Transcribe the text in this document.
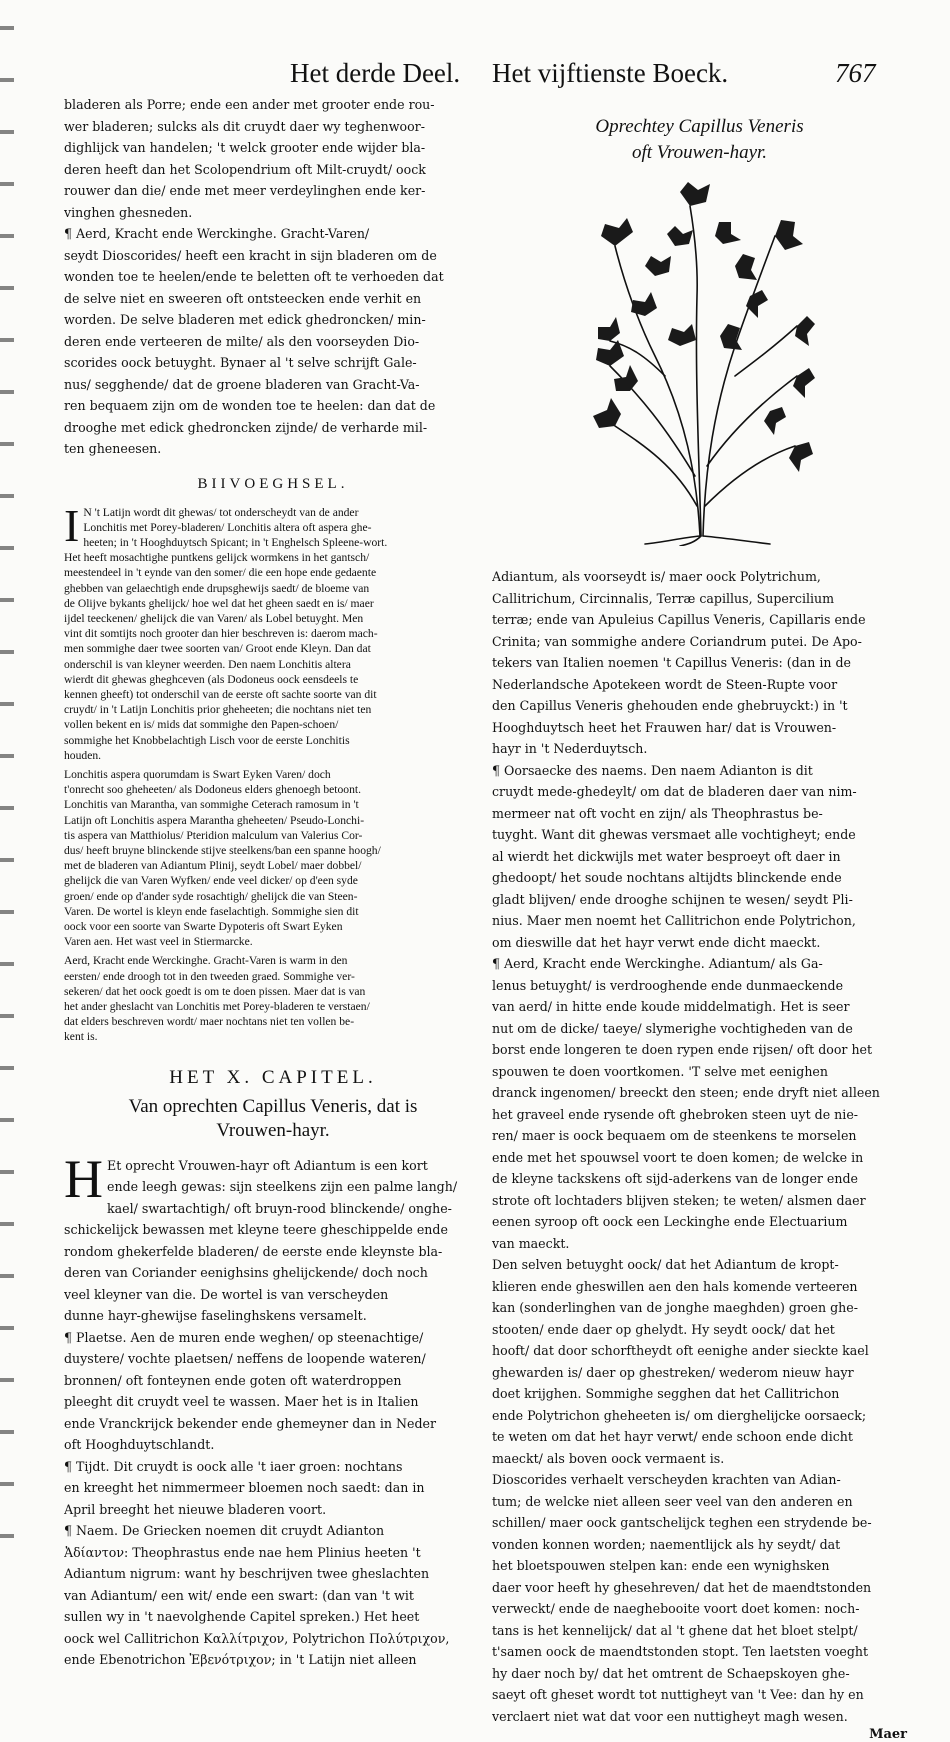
Het derde Deel. Het vijftienste Boeck.	767
bladeren als Porre; ende een ander met grooter ende rou-
wer bladeren; sulcks als dit cruydt daer wy teghenwoor-
dighlijck van handelen; 't welck grooter ende wijder bla-
deren heeft dan het Scolopendrium oft Milt-cruydt/ oock
rouwer dan die/ ende met meer verdeylinghen ende ker-
vinghen ghesneden.
¶ Aerd, Kracht ende Werckinghe. Gracht-Varen/
seydt Dioscorides/ heeft een kracht in sijn bladeren om de
wonden toe te heelen/ende te beletten oft te verhoeden dat
de selve niet en sweeren oft ontsteecken ende verhit en
worden. De selve bladeren met edick ghedroncken/ min-
deren ende verteeren de milte/ als den voorseyden Dio-
scorides oock betuyght. Bynaer al 't selve schrijft Gale-
nus/ segghende/ dat de groene bladeren van Gracht-Va-
ren bequaem zijn om de wonden toe te heelen: dan dat de
drooghe met edick ghedroncken zijnde/ de verharde mil-
ten gheneesen.
BIIVOEGHSEL.
I N 't Latijn wordt dit ghewas/ tot onderscheydt van de ander
Lonchitis met Porey-bladeren/ Lonchitis altera oft aspera ghe-
heeten; in 't Hooghduytsch Spicant; in 't Enghelsch Spleene-wort.
Het heeft mosachtighe puntkens gelijck wormkens in het gantsch/
meestendeel in 't eynde van den somer/ die een hope ende gedaente
ghebben van gelaechtigh ende drupsghewijs saedt/ de bloeme van
de Olijve bykants ghelijck/ hoe wel dat het gheen saedt en is/ maer
ijdel teeckenen/ ghelijck die van Varen/ als Lobel betuyght. Men
vint dit somtijts noch grooter dan hier beschreven is: daerom mach-
men sommighe daer twee soorten van/ Groot ende Kleyn. Dan dat
onderschil is van kleyner weerden. Den naem Lonchitis altera
wierdt dit ghewas gheghceven (als Dodoneus oock eensdeels te
kennen gheeft) tot onderschil van de eerste oft sachte soorte van dit
cruydt/ in 't Latijn Lonchitis prior gheheeten; die nochtans niet ten
vollen bekent en is/ mids dat sommighe den Papen-schoen/
sommighe het Knobbelachtigh Lisch voor de eerste Lonchitis
houden.
Lonchitis aspera quorumdam is Swart Eyken Varen/ doch
t'onrecht soo gheheeten/ als Dodoneus elders ghenoegh betoont.
Lonchitis van Marantha, van sommighe Ceterach ramosum in 't
Latijn oft Lonchitis aspera Marantha gheheeten/ Pseudo-Lonchi-
tis aspera van Matthiolus/ Pteridion malculum van Valerius Cor-
dus/ heeft bruyne blinckende stijve steelkens/ban een spanne hoogh/
met de bladeren van Adiantum Plinij, seydt Lobel/ maer dobbel/
ghelijck die van Varen Wyfken/ ende veel dicker/ op d'een syde
groen/ ende op d'ander syde rosachtigh/ ghelijck die van Steen-
Varen. De wortel is kleyn ende faselachtigh. Sommighe sien dit
oock voor een soorte van Swarte Dypoteris oft Swart Eyken
Varen aen. Het wast veel in Stiermarcke.
Aerd, Kracht ende Werckinghe. Gracht-Varen is warm in den
eersten/ ende droogh tot in den tweeden graed. Sommighe ver-
sekeren/ dat het oock goedt is om te doen pissen. Maer dat is van
het ander gheslacht van Lonchitis met Porey-bladeren te verstaen/
dat elders beschreven wordt/ maer nochtans niet ten vollen be-
kent is.
HET X. CAPITEL.
Van oprechten Capillus Veneris, dat is
Vrouwen-hayr.
H Et oprecht Vrouwen-hayr oft Adiantum is een kort
ende leegh gewas: sijn steelkens zijn een palme langh/
kael/ swartachtigh/ oft bruyn-rood blinckende/ onghe-
schickelijck bewassen met kleyne teere gheschippelde ende
rondom ghekerfelde bladeren/ de eerste ende kleynste bla-
deren van Coriander eenighsins ghelijckende/ doch noch
veel kleyner van die. De wortel is van verscheyden
dunne hayr-ghewijse faselinghskens versamelt.
¶ Plaetse. Aen de muren ende weghen/ op steenachtige/
duystere/ vochte plaetsen/ neffens de loopende wateren/
bronnen/ oft fonteynen ende goten oft waterdroppen
pleeght dit cruydt veel te wassen. Maer het is in Italien
ende Vranckrijck bekender ende ghemeyner dan in Neder
oft Hooghduytschlandt.
¶ Tijdt. Dit cruydt is oock alle 't iaer groen: nochtans
en kreeght het nimmermeer bloemen noch saedt: dan in
April breeght het nieuwe bladeren voort.
¶ Naem. De Griecken noemen dit cruydt Adianton
Ἀδίαντον: Theophrastus ende nae hem Plinius heeten 't
Adiantum nigrum: want hy beschrijven twee gheslachten
van Adiantum/ een wit/ ende een swart: (dan van 't wit
sullen wy in 't naevolghende Capitel spreken.) Het heet
oock wel Callitrichon Καλλίτριχον, Polytrichon Πολύτριχον,
ende Ebenotrichon Ἐβενότριχον; in 't Latijn niet alleen
Oprechtey Capillus Veneris
oft Vrouwen-hayr.
Adiantum, als voorseydt is/ maer oock Polytrichum,
Callitrichum, Circinnalis, Terræ capillus, Supercilium
terræ; ende van Apuleius Capillus Veneris, Capillaris ende
Crinita; van sommighe andere Coriandrum putei. De Apo-
tekers van Italien noemen 't Capillus Veneris: (dan in de
Nederlandsche Apotekeen wordt de Steen-Rupte voor
den Capillus Veneris ghehouden ende ghebruyckt:) in 't
Hooghduytsch heet het Frauwen har/ dat is Vrouwen-
hayr in 't Nederduytsch.
¶ Oorsaecke des naems. Den naem Adianton is dit
cruydt mede-ghedeylt/ om dat de bladeren daer van nim-
mermeer nat oft vocht en zijn/ als Theophrastus be-
tuyght. Want dit ghewas versmaet alle vochtigheyt; ende
al wierdt het dickwijls met water besproeyt oft daer in
ghedoopt/ het soude nochtans altijdts blinckende ende
gladt blijven/ ende drooghe schijnen te wesen/ seydt Pli-
nius. Maer men noemt het Callitrichon ende Polytrichon,
om dieswille dat het hayr verwt ende dicht maeckt.
¶ Aerd, Kracht ende Werckinghe. Adiantum/ als Ga-
lenus betuyght/ is verdrooghende ende dunmaeckende
van aerd/ in hitte ende koude middelmatigh. Het is seer
nut om de dicke/ taeye/ slymerighe vochtigheden van de
borst ende longeren te doen rypen ende rijsen/ oft door het
spouwen te doen voortkomen. 'T selve met eenighen
dranck ingenomen/ breeckt den steen; ende dryft niet alleen
het graveel ende rysende oft ghebroken steen uyt de nie-
ren/ maer is oock bequaem om de steenkens te morselen
ende met het spouwsel voort te doen komen; de welcke in
de kleyne tackskens oft sijd-aderkens van de longer ende
strote oft lochtaders blijven steken; te weten/ alsmen daer
eenen syroop oft oock een Leckinghe ende Electuarium
van maeckt.
Den selven betuyght oock/ dat het Adiantum de kropt-
klieren ende gheswillen aen den hals komende verteeren
kan (sonderlinghen van de jonghe maeghden) groen ghe-
stooten/ ende daer op ghelydt. Hy seydt oock/ dat het
hooft/ dat door schorftheydt oft eenighe ander sieckte kael
ghewarden is/ daer op ghestreken/ wederom nieuw hayr
doet krijghen. Sommighe segghen dat het Callitrichon
ende Polytrichon gheheeten is/ om dierghelijcke oorsaeck;
te weten om dat het hayr verwt/ ende schoon ende dicht
maeckt/ als boven oock vermaent is.
Dioscorides verhaelt verscheyden krachten van Adian-
tum; de welcke niet alleen seer veel van den anderen en
schillen/ maer oock gantschelijck teghen een strydende be-
vonden konnen worden; naementlijck als hy seydt/ dat
het bloetspouwen stelpen kan: ende een wynighsken
daer voor heeft hy ghesehreven/ dat het de maendtstonden
verweckt/ ende de naeghebooite voort doet komen: noch-
tans is het kennelijck/ dat al 't ghene dat het bloet stelpt/
t'samen oock de maendtstonden stopt. Ten laetsten voeght
hy daer noch by/ dat het omtrent de Schaepskoyen ghe-
saeyt oft gheset wordt tot nuttigheyt van 't Vee: dan hy en
verclaert niet wat dat voor een nuttigheyt magh wesen.
Maer
